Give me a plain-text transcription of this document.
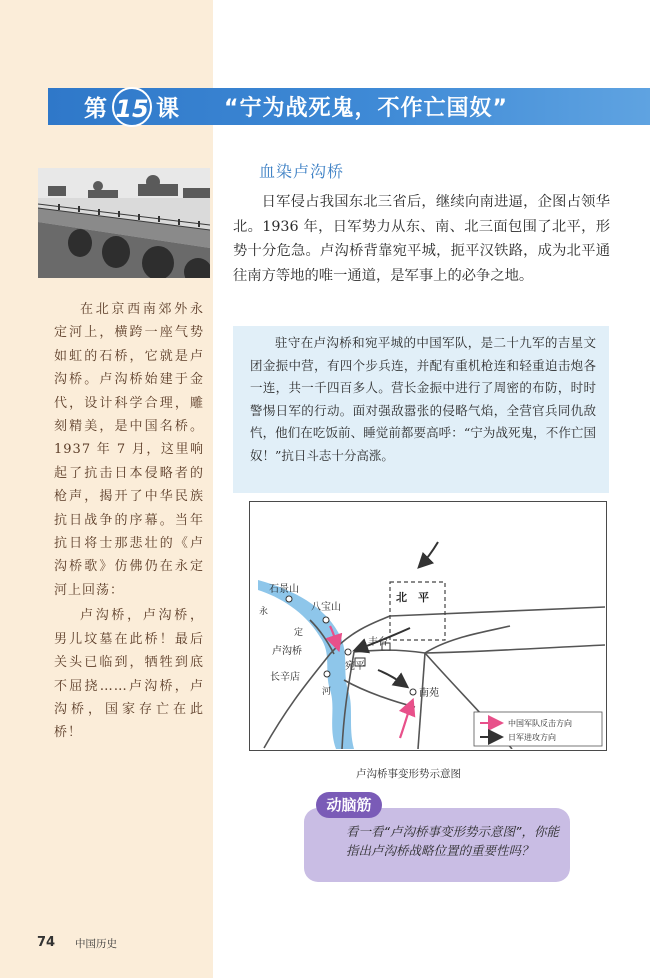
在北京西南郊外永定河上，横跨一座气势如虹的石桥，它就是卢沟桥。卢沟桥始建于金代，设计科学合理，雕刻精美，是中国名桥。1937 年 7 月，这里响起了抗击日本侵略者的枪声，揭开了中华民族抗日战争的序幕。当年抗日将士那悲壮的《卢沟桥歌》仿佛仍在永定河上回荡：

卢沟桥，卢沟桥，男儿坟墓在此桥！最后关头已临到，牺牲到底不屈挠……卢沟桥，卢沟桥，国家存亡在此桥！

第 15 课 “宁为战死鬼，不作亡国奴”
血染卢沟桥

日军侵占我国东北三省后，继续向南进逼，企图占领华北。1936 年，日军势力从东、南、北三面包围了北平，形势十分危急。卢沟桥背靠宛平城，扼平汉铁路，成为北平通往南方等地的唯一通道，是军事上的必争之地。

驻守在卢沟桥和宛平城的中国军队，是二十九军的吉星文团金振中营，有四个步兵连，并配有重机枪连和轻重迫击炮各一连，共一千四百多人。营长金振中进行了周密的布防，时时警惕日军的行动。面对强敌嚣张的侵略气焰，全营官兵同仇敌忾，他们在吃饭前、睡觉前都要高呼：“宁为战死鬼，不作亡国奴！”抗日斗志十分高涨。

石景山
八宝山
北　平
卢沟桥
宛平
丰台
长辛店
南苑
永
定
河
中国军队反击方向
日军进攻方向
卢沟桥事变形势示意图
动脑筋
看一看“卢沟桥事变形势示意图”，你能指出卢沟桥战略位置的重要性吗？
74 中国历史
